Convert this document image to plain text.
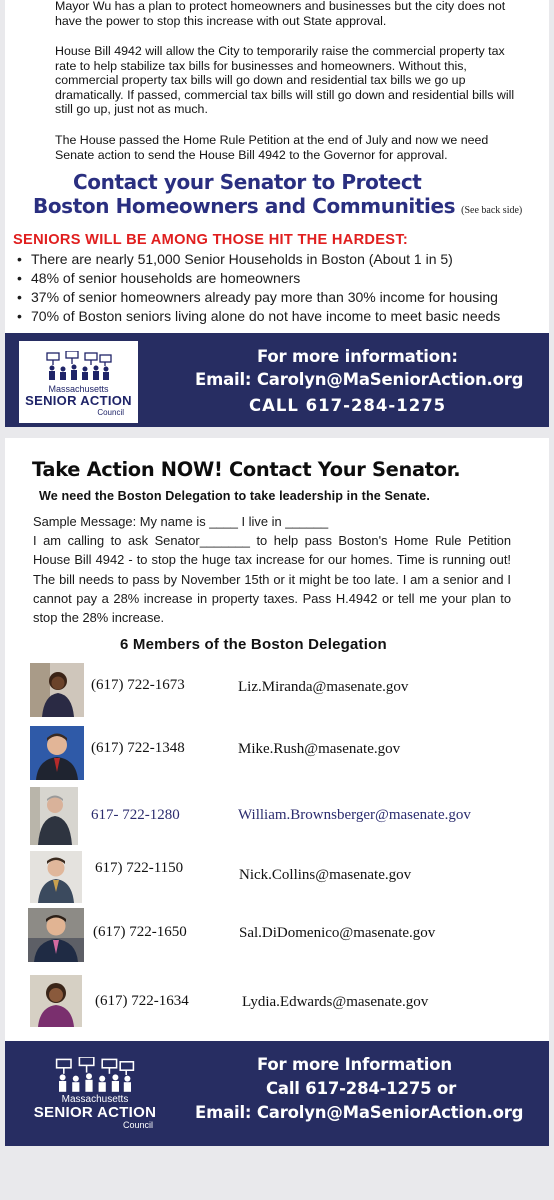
Mayor Wu has a plan to protect homeowners and businesses but the city does not have the power to stop this increase with out State approval.

House Bill 4942 will allow the City to temporarily raise the commercial property tax rate to help stabilize tax bills for businesses and homeowners. Without this, commercial property tax bills will go down and residential tax bills we go up dramatically. If passed, commercial tax bills will still go down and residential bills will still go up, just not as much.

The House passed the Home Rule Petition at the end of July and now we need Senate action to send the House Bill 4942 to the Governor for approval.

Contact your Senator to Protect
Boston Homeowners and Communities (See back side)
SENIORS WILL BE AMONG THOSE HIT THE HARDEST:
• There are nearly 51,000 Senior Households in Boston (About 1 in 5)
• 48% of senior households are homeowners
• 37% of senior homeowners already pay more than 30% income for housing
• 70% of Boston seniors living alone do not have income to meet basic needs
Massachusetts
SENIOR ACTION
Council
For more information:
Email: Carolyn@MaSeniorAction.org
CALL 617-284-1275
Take Action NOW! Contact Your Senator.
We need the Boston Delegation to take leadership in the Senate.
Sample Message: My name is ____ I live in ______
I am calling to ask Senator_______ to help pass Boston's Home Rule Petition House Bill 4942 - to stop the huge tax increase for our homes. Time is running out! The bill needs to pass by November 15th or it might be too late. I am a senior and I cannot pay a 28% increase in property taxes. Pass H.4942 or tell me your plan to stop the 28% increase.
6 Members of the Boston Delegation
(617) 722-1673	Liz.Miranda@masenate.gov
(617) 722-1348	Mike.Rush@masenate.gov
617- 722-1280	William.Brownsberger@masenate.gov
617) 722-1150	Nick.Collins@masenate.gov
(617) 722-1650	Sal.DiDomenico@masenate.gov
(617) 722-1634	Lydia.Edwards@masenate.gov
Massachusetts
SENIOR ACTION
Council
For more Information
Call 617-284-1275 or
Email: Carolyn@MaSeniorAction.org
